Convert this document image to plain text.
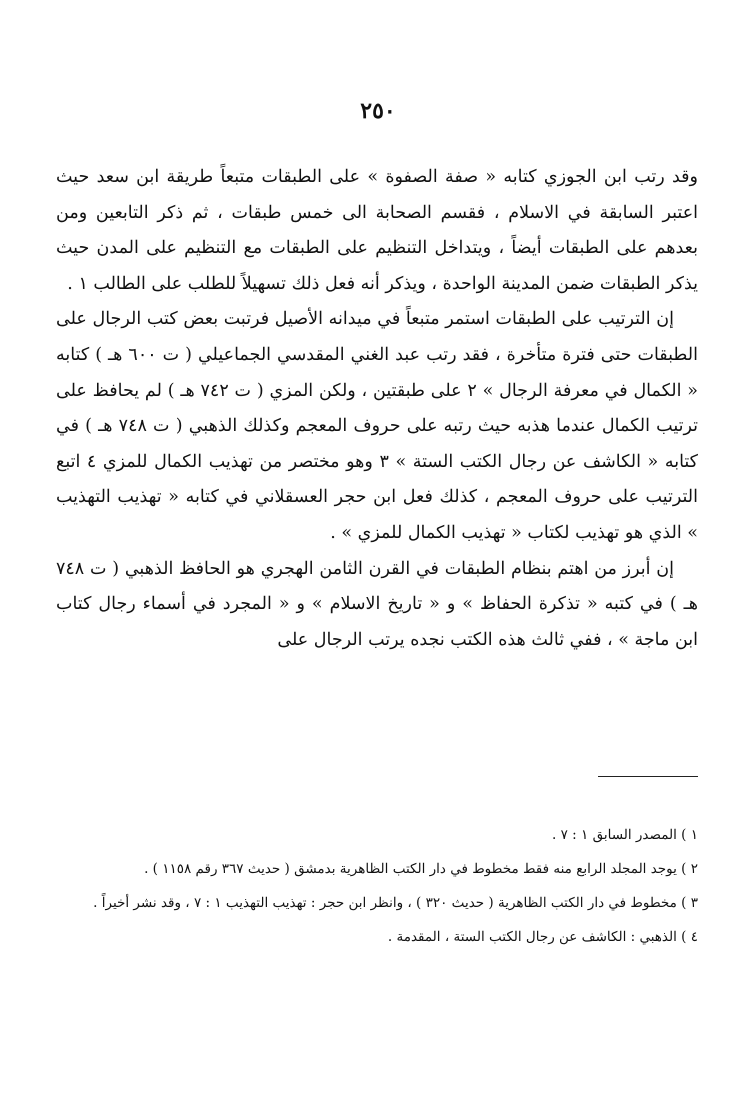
٢٥٠

وقد رتب ابن الجوزي كتابه « صفة الصفوة » على الطبقات متبعاً طريقة ابن سعد حيث اعتبر السابقة في الاسلام ، فقسم الصحابة الى خمس طبقات ، ثم ذكر التابعين ومن بعدهم على الطبقات أيضاً ، ويتداخل التنظيم على الطبقات مع التنظيم على المدن حيث يذكر الطبقات ضمن المدينة الواحدة ، ويذكر أنه فعل ذلك تسهيلاً للطلب على الطالب ١ .

إن الترتيب على الطبقات استمر متبعاً في ميدانه الأصيل فرتبت بعض كتب الرجال على الطبقات حتى فترة متأخرة ، فقد رتب عبد الغني المقدسي الجماعيلي ( ت ٦٠٠ هـ ) كتابه « الكمال في معرفة الرجال » ٢ على طبقتين ، ولكن المزي ( ت ٧٤٢ هـ ) لم يحافظ على ترتيب الكمال عندما هذبه حيث رتبه على حروف المعجم وكذلك الذهبي ( ت ٧٤٨ هـ ) في كتابه « الكاشف عن رجال الكتب الستة » ٣ وهو مختصر من تهذيب الكمال للمزي ٤ اتبع الترتيب على حروف المعجم ، كذلك فعل ابن حجر العسقلاني في كتابه « تهذيب التهذيب » الذي هو تهذيب لكتاب « تهذيب الكمال للمزي » .

إن أبرز من اهتم بنظام الطبقات في القرن الثامن الهجري هو الحافظ الذهبي ( ت ٧٤٨ هـ ) في كتبه « تذكرة الحفاظ » و « تاريخ الاسلام » و « المجرد في أسماء رجال كتاب ابن ماجة » ، ففي ثالث هذه الكتب نجده يرتب الرجال على

١ ) المصدر السابق ١ : ٧ .

٢ ) يوجد المجلد الرابع منه فقط مخطوط في دار الكتب الظاهرية بدمشق ( حديث ٣٦٧ رقم ١١٥٨ ) .

٣ ) مخطوط في دار الكتب الظاهرية ( حديث ٣٢٠ ) ، وانظر ابن حجر : تهذيب التهذيب ١ : ٧ ، وقد نشر أخيراً .

٤ ) الذهبي : الكاشف عن رجال الكتب الستة ، المقدمة .
